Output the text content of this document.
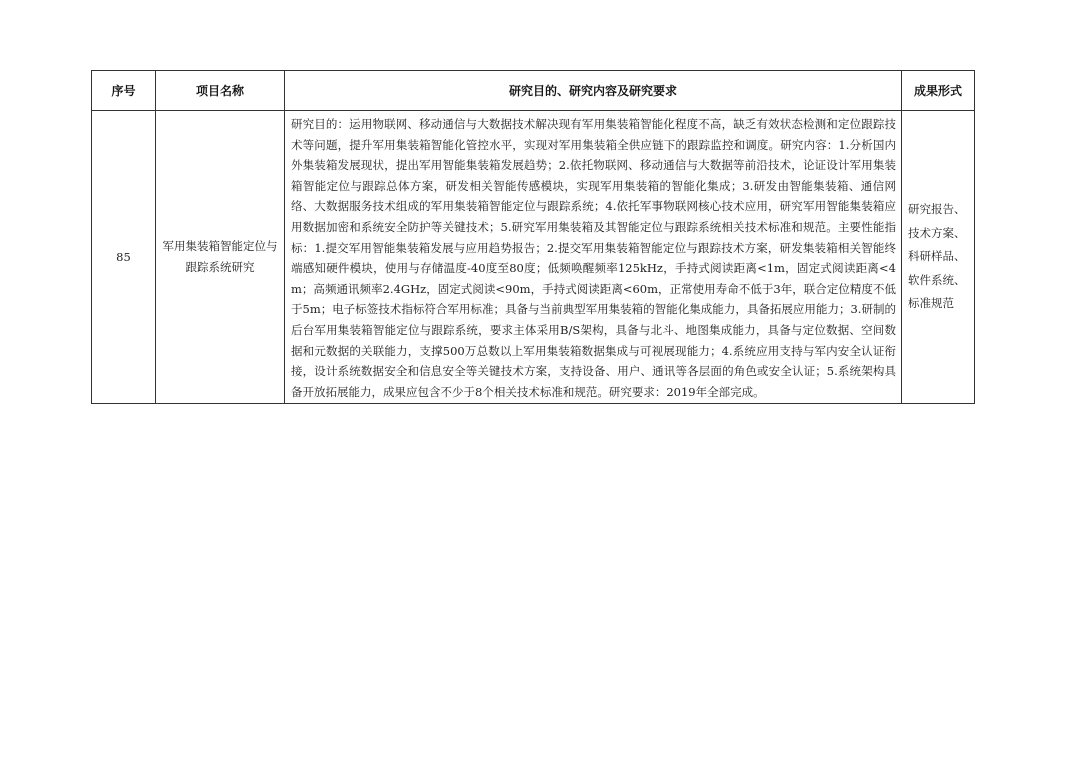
序号	项目名称	研究目的、研究内容及研究要求	成果形式
85	军用集装箱智能定位与跟踪系统研究	研究目的：运用物联网、移动通信与大数据技术解决现有军用集装箱智能化程度不高，缺乏有效状态检测和定位跟踪技术等问题，提升军用集装箱智能化管控水平，实现对军用集装箱全供应链下的跟踪监控和调度。研究内容：1.分析国内外集装箱发展现状，提出军用智能集装箱发展趋势；2.依托物联网、移动通信与大数据等前沿技术，论证设计军用集装箱智能定位与跟踪总体方案，研发相关智能传感模块，实现军用集装箱的智能化集成；3.研发由智能集装箱、通信网络、大数据服务技术组成的军用集装箱智能定位与跟踪系统；4.依托军事物联网核心技术应用，研究军用智能集装箱应用数据加密和系统安全防护等关键技术；5.研究军用集装箱及其智能定位与跟踪系统相关技术标准和规范。主要性能指标：1.提交军用智能集装箱发展与应用趋势报告；2.提交军用集装箱智能定位与跟踪技术方案，研发集装箱相关智能终端感知硬件模块，使用与存储温度-40度至80度；低频唤醒频率125kHz，手持式阅读距离<1m，固定式阅读距离<4m；高频通讯频率2.4GHz，固定式阅读<90m，手持式阅读距离<60m，正常使用寿命不低于3年，联合定位精度不低于5m；电子标签技术指标符合军用标准；具备与当前典型军用集装箱的智能化集成能力，具备拓展应用能力；3.研制的后台军用集装箱智能定位与跟踪系统，要求主体采用B/S架构，具备与北斗、地图集成能力，具备与定位数据、空间数据和元数据的关联能力，支撑500万总数以上军用集装箱数据集成与可视展现能力；4.系统应用支持与军内安全认证衔接，设计系统数据安全和信息安全等关键技术方案，支持设备、用户、通讯等各层面的角色或安全认证；5.系统架构具备开放拓展能力，成果应包含不少于8个相关技术标准和规范。研究要求：2019年全部完成。	研究报告、技术方案、科研样品、软件系统、标准规范
